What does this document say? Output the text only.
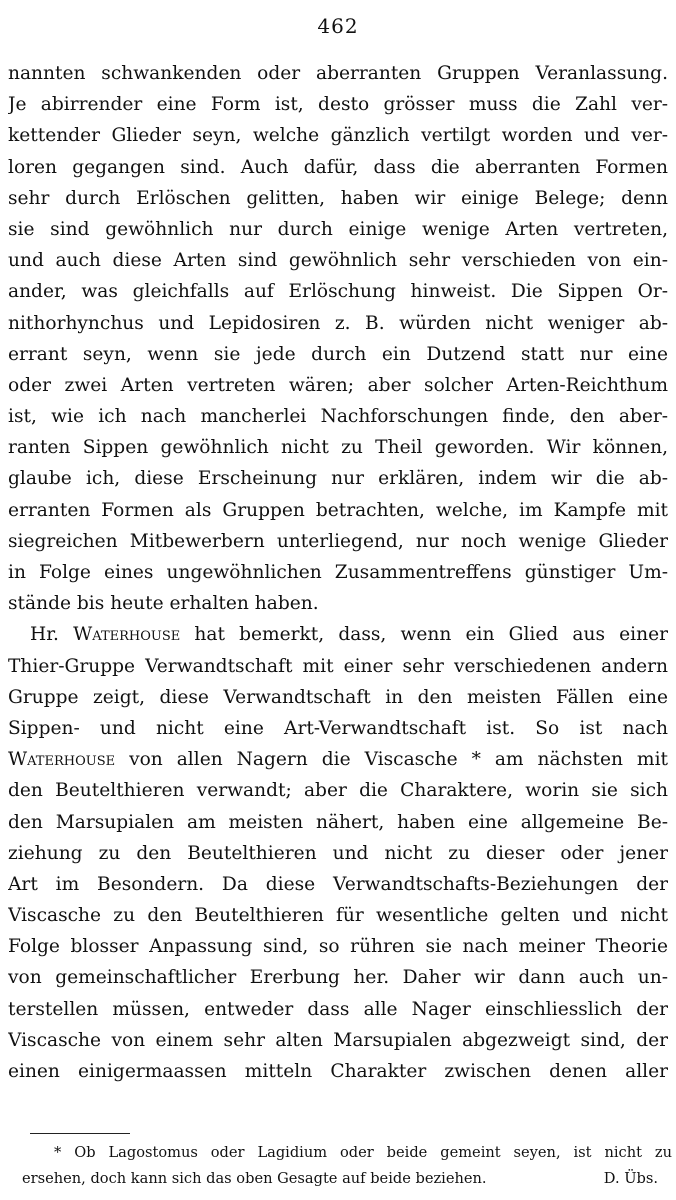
462
nannten schwankenden oder aberranten Gruppen Veranlassung.
Je abirrender eine Form ist, desto grösser muss die Zahl ver-
kettender Glieder seyn, welche gänzlich vertilgt worden und ver-
loren gegangen sind. Auch dafür, dass die aberranten Formen
sehr durch Erlöschen gelitten, haben wir einige Belege; denn
sie sind gewöhnlich nur durch einige wenige Arten vertreten,
und auch diese Arten sind gewöhnlich sehr verschieden von ein-
ander, was gleichfalls auf Erlöschung hinweist. Die Sippen Or-
nithorhynchus und Lepidosiren z. B. würden nicht weniger ab-
errant seyn, wenn sie jede durch ein Dutzend statt nur eine
oder zwei Arten vertreten wären; aber solcher Arten-Reichthum
ist, wie ich nach mancherlei Nachforschungen finde, den aber-
ranten Sippen gewöhnlich nicht zu Theil geworden. Wir können,
glaube ich, diese Erscheinung nur erklären, indem wir die ab-
erranten Formen als Gruppen betrachten, welche, im Kampfe mit
siegreichen Mitbewerbern unterliegend, nur noch wenige Glieder
in Folge eines ungewöhnlichen Zusammentreffens günstiger Um-
stände bis heute erhalten haben.
Hr. Waterhouse hat bemerkt, dass, wenn ein Glied aus einer
Thier-Gruppe Verwandtschaft mit einer sehr verschiedenen andern
Gruppe zeigt, diese Verwandtschaft in den meisten Fällen eine
Sippen- und nicht eine Art-Verwandtschaft ist. So ist nach
Waterhouse von allen Nagern die Viscasche * am nächsten mit
den Beutelthieren verwandt; aber die Charaktere, worin sie sich
den Marsupialen am meisten nähert, haben eine allgemeine Be-
ziehung zu den Beutelthieren und nicht zu dieser oder jener
Art im Besondern. Da diese Verwandtschafts-Beziehungen der
Viscasche zu den Beutelthieren für wesentliche gelten und nicht
Folge blosser Anpassung sind, so rühren sie nach meiner Theorie
von gemeinschaftlicher Ererbung her. Daher wir dann auch un-
terstellen müssen, entweder dass alle Nager einschliesslich der
Viscasche von einem sehr alten Marsupialen abgezweigt sind, der
einen einigermaassen mitteln Charakter zwischen denen aller
* Ob Lagostomus oder Lagidium oder beide gemeint seyen, ist nicht zu
ersehen, doch kann sich das oben Gesagte auf beide beziehen.	D. Übs.
